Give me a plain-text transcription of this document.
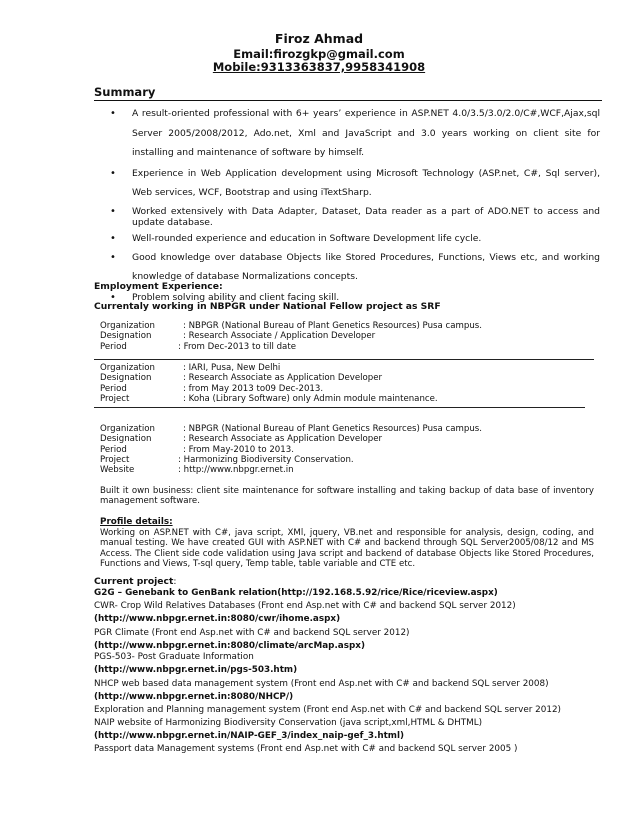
Firoz Ahmad
Email:firozgkp@gmail.com
Mobile:9313363837,9958341908
Summary
• A result-oriented professional with 6+ years’ experience in ASP.NET 4.0/3.5/3.0/2.0/C#,WCF,Ajax,sql Server 2005/2008/2012, Ado.net, Xml and JavaScript and 3.0 years working on client site for installing and maintenance of software by himself.
• Experience in Web Application development using Microsoft Technology (ASP.net, C#, Sql server), Web services, WCF, Bootstrap and using iTextSharp.
• Worked extensively with Data Adapter, Dataset, Data reader as a part of ADO.NET to access and update database.
• Well-rounded experience and education in Software Development life cycle.
• Good knowledge over database Objects like Stored Procedures, Functions, Views etc, and working knowledge of database Normalizations concepts.
• Problem solving ability and client facing skill.
Employment Experience:
Currentaly working in NBPGR under National Fellow project as SRF
Organization	: NBPGR (National Bureau of Plant Genetics Resources) Pusa campus.
Designation	: Research Associate / Application Developer
Period	: From Dec-2013 to till date
Organization	: IARI, Pusa, New Delhi
Designation	: Research Associate as Application Developer
Period	: from May 2013 to09 Dec-2013.
Project	: Koha (Library Software) only Admin module maintenance.
Organization	: NBPGR (National Bureau of Plant Genetics Resources) Pusa campus.
Designation	: Research Associate as Application Developer
Period	: From May-2010 to 2013.
Project	: Harmonizing Biodiversity Conservation.
Website	: http://www.nbpgr.ernet.in
Built it own business: client site maintenance for software installing and taking backup of data base of inventory management software.
Profile details:
Working on ASP.NET with C#, java script, XMl, jquery, VB.net and responsible for analysis, design, coding, and manual testing. We have created GUI with ASP.NET with C# and backend through SQL Server2005/08/12 and MS Access. The Client side code validation using Java script and backend of database Objects like Stored Procedures, Functions and Views, T-sql query, Temp table, table variable and CTE etc.
Current project:
G2G – Genebank to GenBank relation(http://192.168.5.92/rice/Rice/riceview.aspx)
CWR- Crop Wild Relatives Databases (Front end Asp.net with C# and backend SQL server 2012)
(http://www.nbpgr.ernet.in:8080/cwr/ihome.aspx)
PGR Climate (Front end Asp.net with C# and backend SQL server 2012)
(http://www.nbpgr.ernet.in:8080/climate/arcMap.aspx)
PGS-503- Post Graduate Information
(http://www.nbpgr.ernet.in/pgs-503.htm)
NHCP web based data management system (Front end Asp.net with C# and backend SQL server 2008)
(http://www.nbpgr.ernet.in:8080/NHCP/)
Exploration and Planning management system (Front end Asp.net with C# and backend SQL server 2012)
NAIP website of Harmonizing Biodiversity Conservation (java script,xml,HTML & DHTML)
(http://www.nbpgr.ernet.in/NAIP-GEF_3/index_naip-gef_3.html)
Passport data Management systems (Front end Asp.net with C# and backend SQL server 2005 )
